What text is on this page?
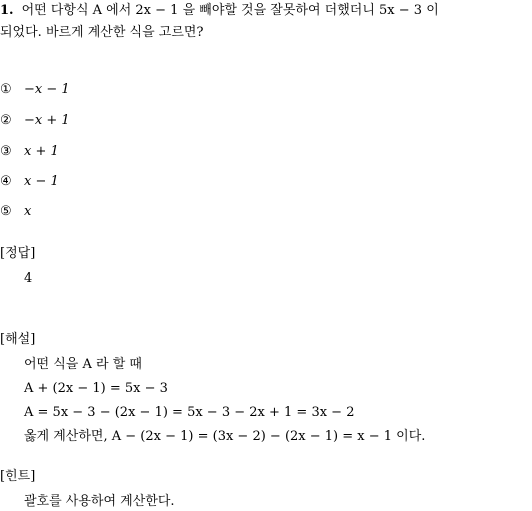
1. 어떤 다항식 A 에서 2x − 1 을 빼야할 것을 잘못하여 더했더니 5x − 3 이
되었다. 바르게 계산한 식을 고르면?
① −x − 1
② −x + 1
③ x + 1
④ x − 1
⑤ x
[정답]
4
[해설]
어떤 식을 A 라 할 때
A + (2x − 1) = 5x − 3
A = 5x − 3 − (2x − 1) = 5x − 3 − 2x + 1 = 3x − 2
옳게 계산하면, A − (2x − 1) = (3x − 2) − (2x − 1) = x − 1 이다.
[힌트]
괄호를 사용하여 계산한다.
